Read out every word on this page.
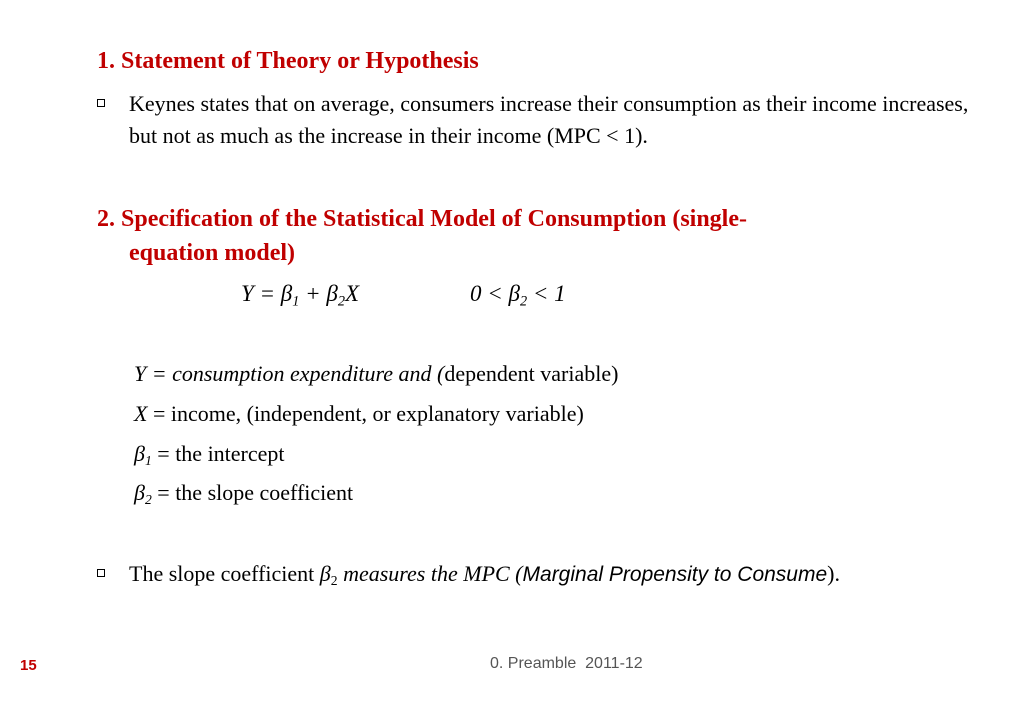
1. Statement of Theory or Hypothesis
Keynes states that on average, consumers increase their consumption as their income increases, but not as much as the increase in their income (MPC < 1).
2. Specification of the Statistical Model of Consumption (single-
equation model)
$Y = \beta_1 + \beta_2X$	$0 < \beta_2 < 1$
Y = consumption expenditure and (dependent variable)
X = income, (independent, or explanatory variable)
$\beta_1$ = the intercept
$\beta_2$ = the slope coefficient
The slope coefficient $\beta_2$ measures the MPC (Marginal Propensity to Consume).
15	0. Preamble  2011-12
